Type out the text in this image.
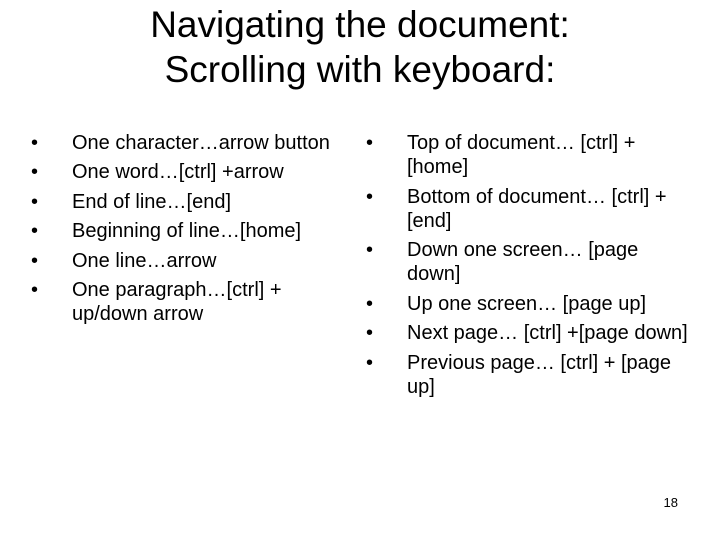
Navigating the document:
Scrolling with keyboard:
• One character…arrow button
• One word…[ctrl] +arrow
• End of line…[end]
• Beginning of line…[home]
• One line…arrow
• One paragraph…[ctrl] + up/down arrow
• Top of document… [ctrl] +[home]
• Bottom of document… [ctrl] + [end]
• Down one screen… [page down]
• Up one screen… [page up]
• Next page… [ctrl] +[page down]
• Previous page… [ctrl] + [page up]
18
